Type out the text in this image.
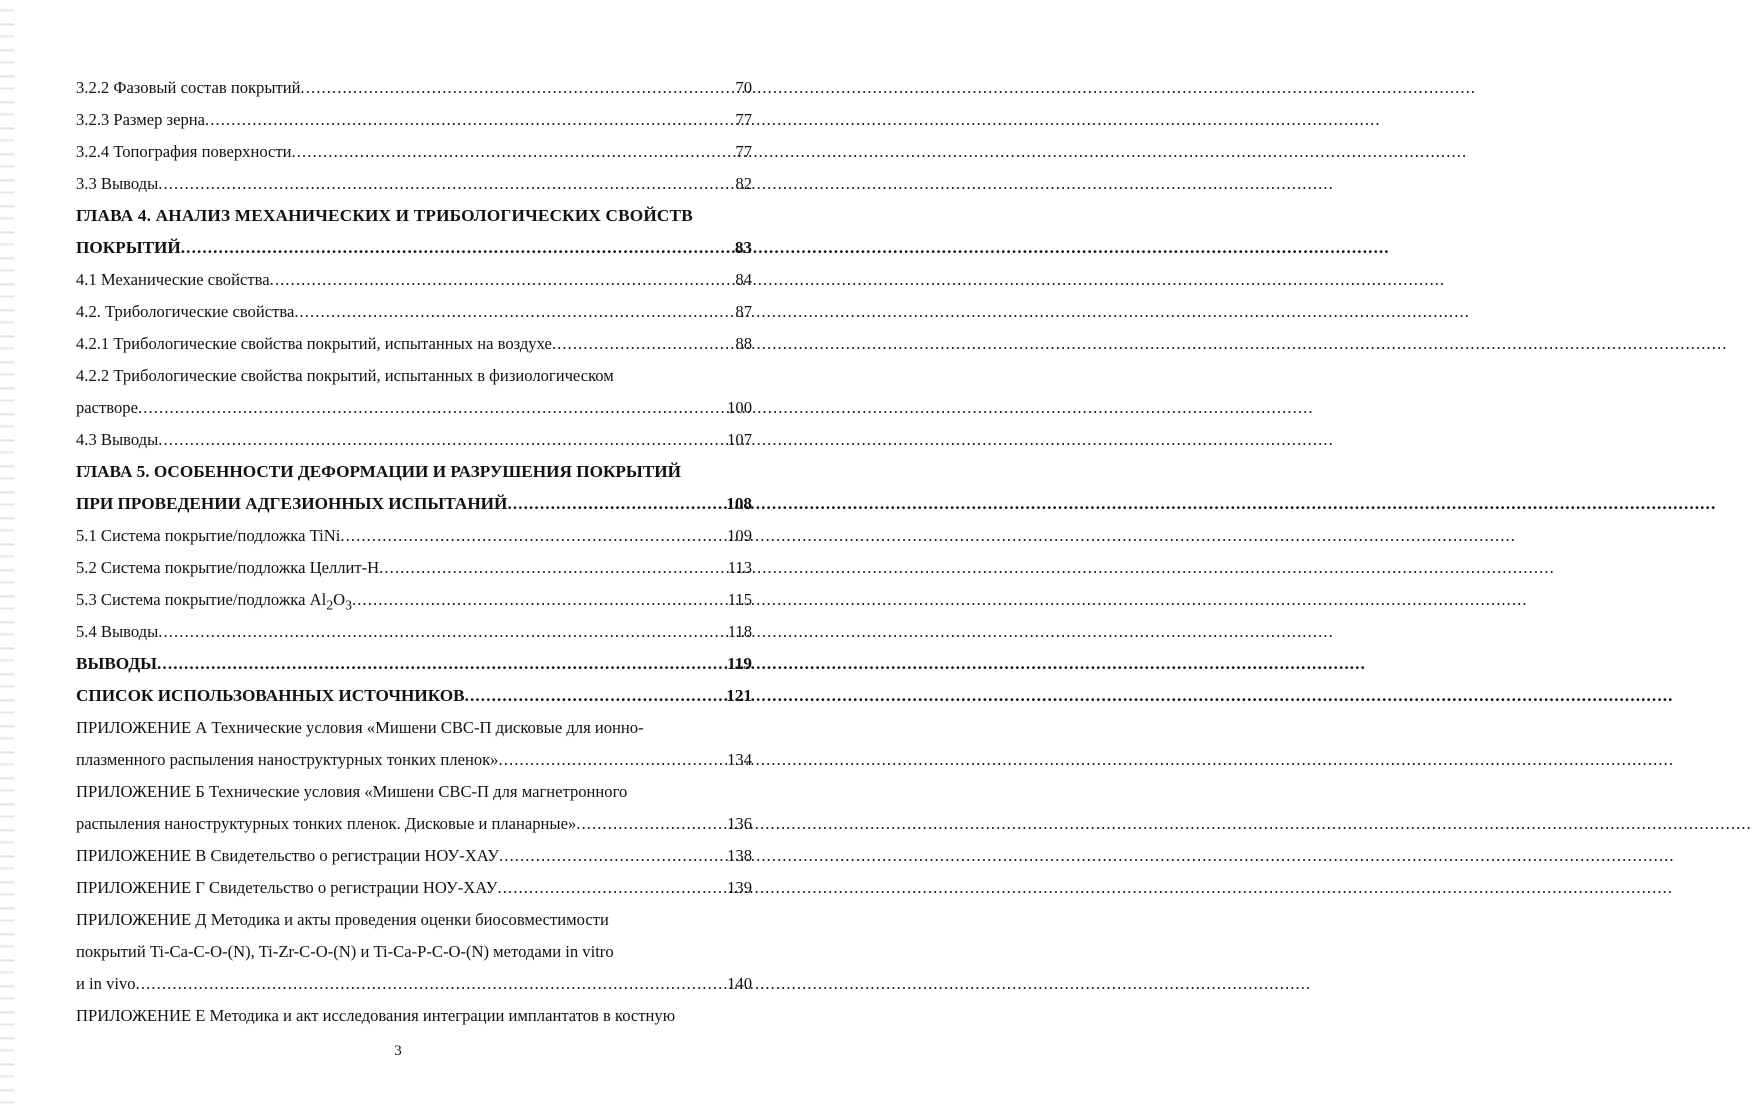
3.2.2 Фазовый состав покрытий .....	70
3.2.3 Размер зерна .....	77
3.2.4 Топография поверхности .....	77
3.3 Выводы .....	82
ГЛАВА 4. АНАЛИЗ МЕХАНИЧЕСКИХ И ТРИБОЛОГИЧЕСКИХ СВОЙСТВ
ПОКРЫТИЙ .....	83
4.1 Механические свойства .....	84
4.2. Трибологические свойства .....	87
4.2.1 Трибологические свойства покрытий, испытанных на воздухе .....	88
4.2.2 Трибологические свойства покрытий, испытанных в физиологическом
растворе .....	100
4.3 Выводы .....	107
ГЛАВА 5. ОСОБЕННОСТИ ДЕФОРМАЦИИ И РАЗРУШЕНИЯ ПОКРЫТИЙ
ПРИ ПРОВЕДЕНИИ АДГЕЗИОННЫХ ИСПЫТАНИЙ .....	108
5.1 Система покрытие/подложка TiNi .....	109
5.2 Система покрытие/подложка Целлит-Н .....	113
5.3 Система покрытие/подложка $Al_2O_3$ .....	115
5.4 Выводы .....	118
ВЫВОДЫ .....	119
СПИСОК ИСПОЛЬЗОВАННЫХ ИСТОЧНИКОВ .....	121
ПРИЛОЖЕНИЕ А Технические условия «Мишени СВС-П дисковые для ионно-
плазменного распыления наноструктурных тонких пленок» .....	134
ПРИЛОЖЕНИЕ Б Технические условия «Мишени СВС-П для магнетронного
распыления наноструктурных тонких пленок. Дисковые и планарные» .....	136
ПРИЛОЖЕНИЕ В Свидетельство о регистрации НОУ-ХАУ .....	138
ПРИЛОЖЕНИЕ Г Свидетельство о регистрации НОУ-ХАУ .....	139
ПРИЛОЖЕНИЕ Д Методика и акты проведения оценки биосовместимости
покрытий Ti-Ca-C-O-(N), Ti-Zr-C-O-(N) и Ti-Ca-P-C-O-(N) методами in vitro
и in vivo .....	140
ПРИЛОЖЕНИЕ Е Методика и акт исследования интеграции имплантатов в костную
3
